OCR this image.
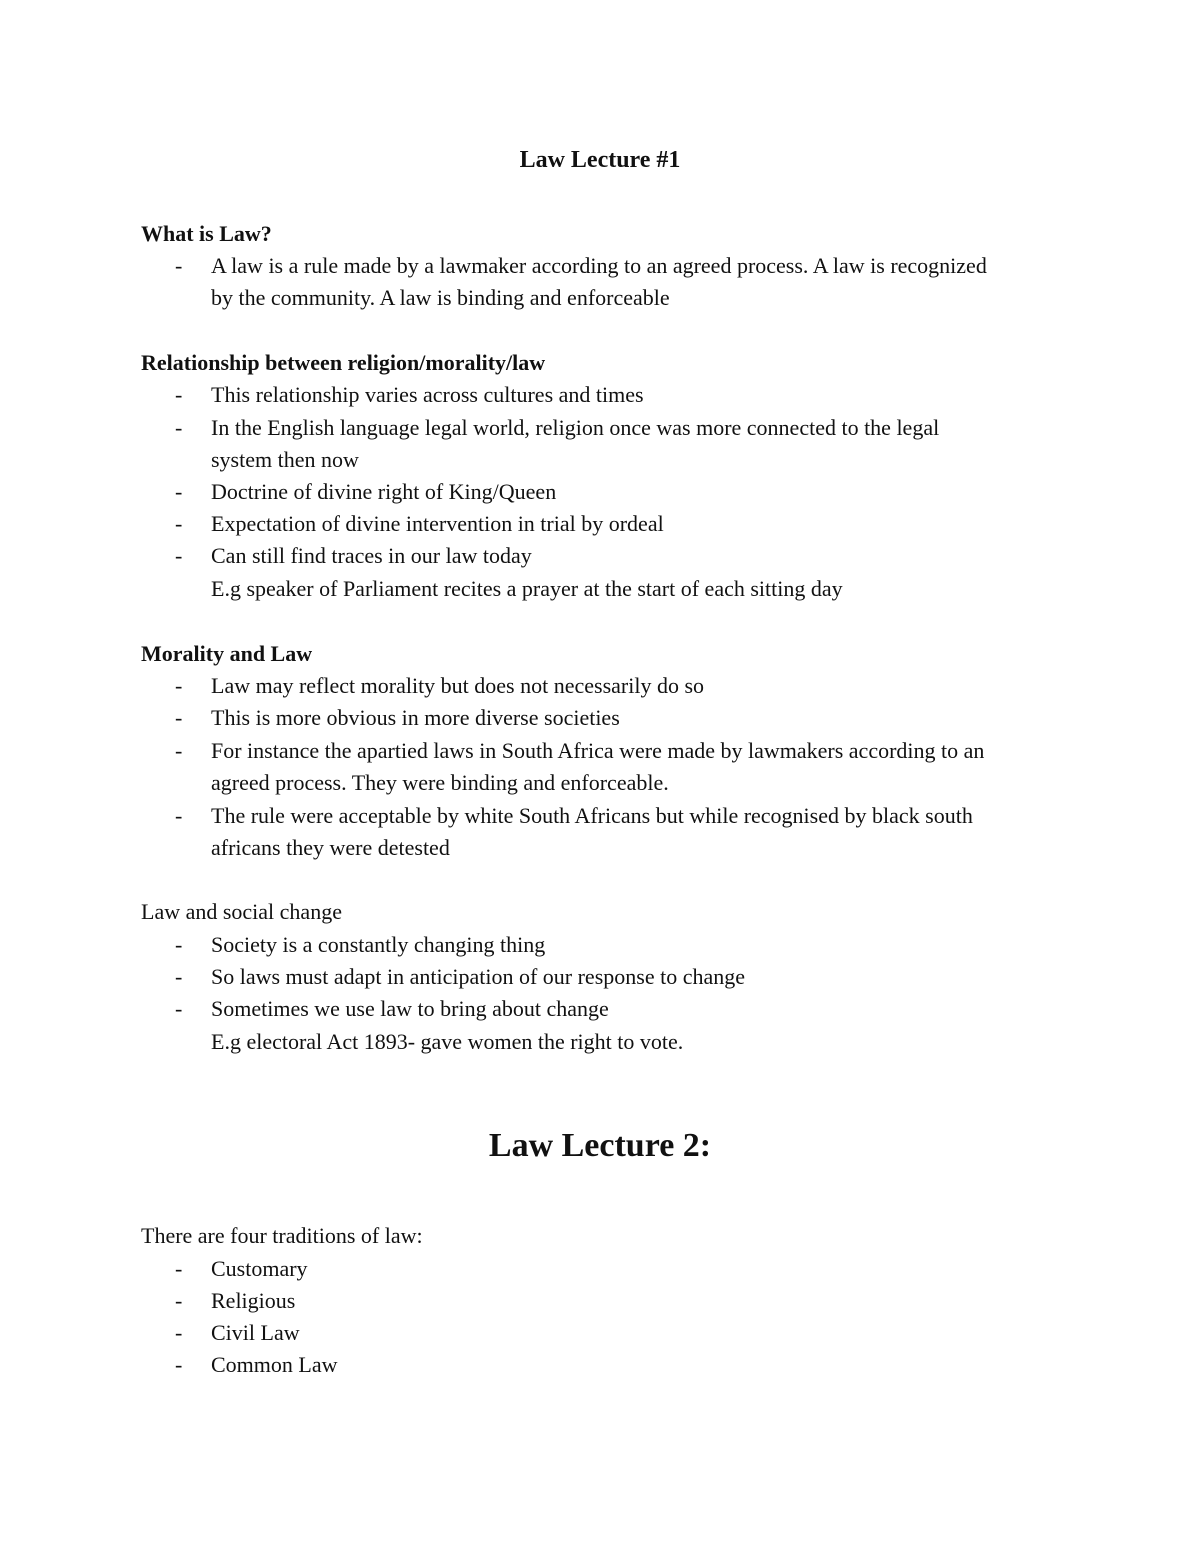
Law Lecture #1
What is Law?
- A law is a rule made by a lawmaker according to an agreed process. A law is recognized
by the community. A law is binding and enforceable
Relationship between religion/morality/law
- This relationship varies across cultures and times
- In the English language legal world, religion once was more connected to the legal
system then now
- Doctrine of divine right of King/Queen
- Expectation of divine intervention in trial by ordeal
- Can still find traces in our law today
E.g speaker of Parliament recites a prayer at the start of each sitting day
Morality and Law
- Law may reflect morality but does not necessarily do so
- This is more obvious in more diverse societies
- For instance the apartied laws in South Africa were made by lawmakers according to an
agreed process. They were binding and enforceable.
- The rule were acceptable by white South Africans but while recognised by black south
africans they were detested
Law and social change
- Society is a constantly changing thing
- So laws must adapt in anticipation of our response to change
- Sometimes we use law to bring about change
E.g electoral Act 1893- gave women the right to vote.
Law Lecture 2:
There are four traditions of law:
- Customary
- Religious
- Civil Law
- Common Law
